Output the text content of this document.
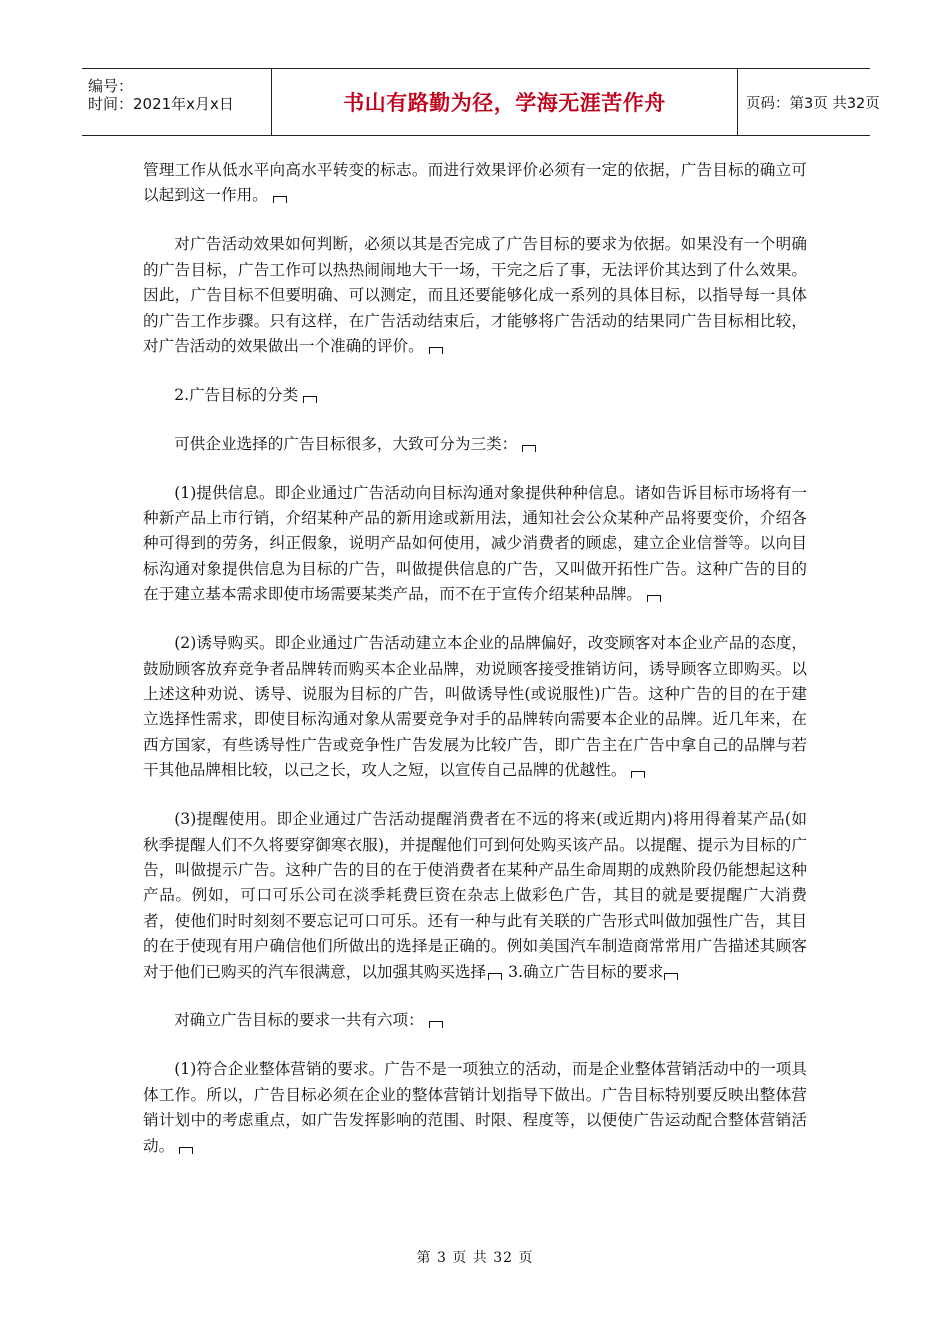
编号：
时间：2021年x月x日	书山有路勤为径，学海无涯苦作舟	页码：第3页 共32页

管理工作从低水平向高水平转变的标志。而进行效果评价必须有一定的依据，广告目标的确立可以起到这一作用。

对广告活动效果如何判断，必须以其是否完成了广告目标的要求为依据。如果没有一个明确的广告目标，广告工作可以热热闹闹地大干一场，干完之后了事，无法评价其达到了什么效果。因此，广告目标不但要明确、可以测定，而且还要能够化成一系列的具体目标，以指导每一具体的广告工作步骤。只有这样，在广告活动结束后，才能够将广告活动的结果同广告目标相比较，对广告活动的效果做出一个准确的评价。

2.广告目标的分类

可供企业选择的广告目标很多，大致可分为三类：

(1)提供信息。即企业通过广告活动向目标沟通对象提供种种信息。诸如告诉目标市场将有一种新产品上市行销，介绍某种产品的新用途或新用法，通知社会公众某种产品将要变价，介绍各种可得到的劳务，纠正假象，说明产品如何使用，减少消费者的顾虑，建立企业信誉等。以向目标沟通对象提供信息为目标的广告，叫做提供信息的广告，又叫做开拓性广告。这种广告的目的在于建立基本需求即使市场需要某类产品，而不在于宣传介绍某种品牌。

(2)诱导购买。即企业通过广告活动建立本企业的品牌偏好，改变顾客对本企业产品的态度，鼓励顾客放弃竞争者品牌转而购买本企业品牌，劝说顾客接受推销访问，诱导顾客立即购买。以上述这种劝说、诱导、说服为目标的广告，叫做诱导性(或说服性)广告。这种广告的目的在于建立选择性需求，即使目标沟通对象从需要竞争对手的品牌转向需要本企业的品牌。近几年来，在西方国家，有些诱导性广告或竞争性广告发展为比较广告，即广告主在广告中拿自己的品牌与若干其他品牌相比较，以己之长，攻人之短，以宣传自己品牌的优越性。

(3)提醒使用。即企业通过广告活动提醒消费者在不远的将来(或近期内)将用得着某产品(如秋季提醒人们不久将要穿御寒衣服)，并提醒他们可到何处购买该产品。以提醒、提示为目标的广告，叫做提示广告。这种广告的目的在于使消费者在某种产品生命周期的成熟阶段仍能想起这种产品。例如，可口可乐公司在淡季耗费巨资在杂志上做彩色广告，其目的就是要提醒广大消费者，使他们时时刻刻不要忘记可口可乐。还有一种与此有关联的广告形式叫做加强性广告，其目的在于使现有用户确信他们所做出的选择是正确的。例如美国汽车制造商常常用广告描述其顾客对于他们已购买的汽车很满意，以加强其购买选择 3.确立广告目标的要求

对确立广告目标的要求一共有六项：

(1)符合企业整体营销的要求。广告不是一项独立的活动，而是企业整体营销活动中的一项具体工作。所以，广告目标必须在企业的整体营销计划指导下做出。广告目标特别要反映出整体营销计划中的考虑重点，如广告发挥影响的范围、时限、程度等，以便使广告运动配合整体营销活动。

第 3 页 共 32 页
